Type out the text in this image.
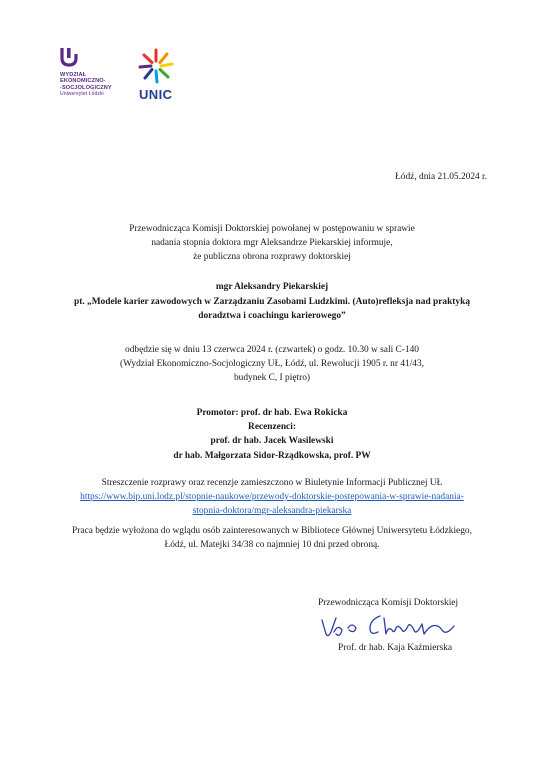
WYDZIAŁ
EKONOMICZNO-
-SOCJOLOGICZNY
Uniwersytet Łódzki	UNIC
Łódź, dnia 21.05.2024 r.
Przewodnicząca Komisji Doktorskiej powołanej w postępowaniu w sprawie
nadania stopnia doktora mgr Aleksandrze Piekarskiej informuje,
że publiczna obrona rozprawy doktorskiej
mgr Aleksandry Piekarskiej
pt. „Modele karier zawodowych w Zarządzaniu Zasobami Ludzkimi. (Auto)refleksja nad praktyką
doradztwa i coachingu karierowego”
odbędzie się w dniu 13 czerwca 2024 r. (czwartek) o godz. 10.30 w sali C-140
(Wydział Ekonomiczno-Socjologiczny UŁ, Łódź, ul. Rewolucji 1905 r. nr 41/43,
budynek C, I piętro)
Promotor: prof. dr hab. Ewa Rokicka
Recenzenci:
prof. dr hab. Jacek Wasilewski
dr hab. Małgorzata Sidor-Rządkowska, prof. PW
Streszczenie rozprawy oraz recenzje zamieszczono w Biuletynie Informacji Publicznej UŁ
https://www.bip.uni.lodz.pl/stopnie-naukowe/przewody-doktorskie-postepowania-w-sprawie-nadania-
stopnia-doktora/mgr-aleksandra-piekarska
Praca będzie wyłożona do wglądu osób zainteresowanych w Bibliotece Głównej Uniwersytetu Łódzkiego,
Łódź, ul. Matejki 34/38 co najmniej 10 dni przed obroną.
Przewodnicząca Komisji Doktorskiej
Prof. dr hab. Kaja Kaźmierska
